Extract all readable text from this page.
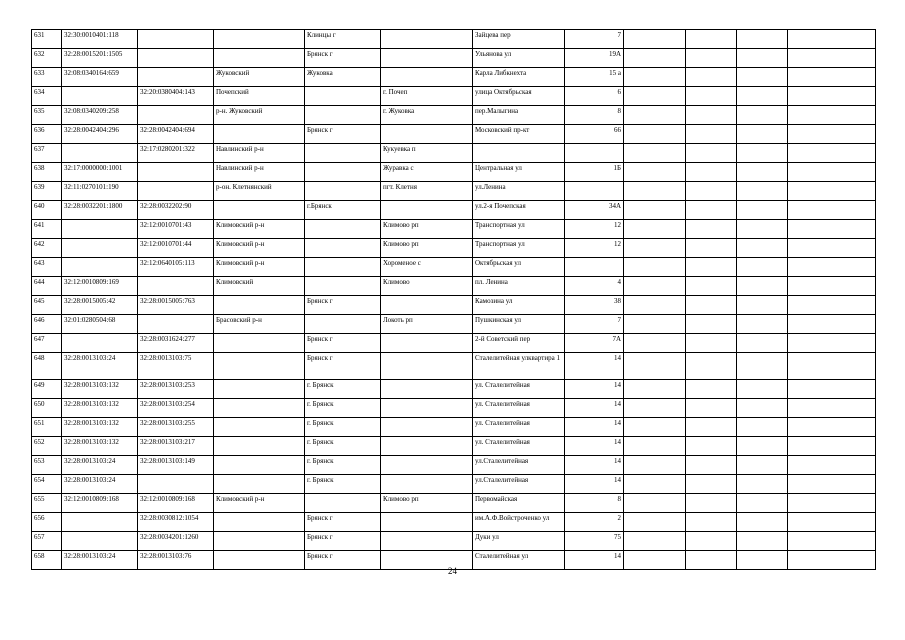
631	32:30:0010401:118			Клинцы г		Зайцева пер	7				
632	32:28:0015201:1505			Брянск г		Ульянова ул	19А				
633	32:08:0340164:659		Жуковский	Жуковка		Карла Либкнехта	15 а				
634		32:20:0380404:143	Почепский		г. Почеп	улица Октябрьская	6				
635	32:08:0340209:258		р-н. Жуковский		г. Жуковка	пер.Малыгина	8				
636	32:28:0042404:296	32:28:0042404:694		Брянск г		Московский пр-кт	66				
637		32:17:0280201:322	Навлинский р-н		Кукуевка п						
638	32:17:0000000:1001		Навлинский р-н		Журавка с	Центральная ул	1Б				
639	32:11:0270101:190		р-он. Клетнянский		пгт. Клетня	ул.Ленина					
640	32:28:0032201:1800	32:28:0032202:90		г.Брянск		ул.2-я Почепская	34А				
641		32:12:0010701:43	Климовский р-н		Климово рп	Транспортная ул	12				
642		32:12:0010701:44	Климовский р-н		Климово рп	Транспортная ул	12				
643		32:12:0640105:113	Климовский р-н		Хороменое с	Октябрьская ул					
644	32:12:0010809:169		Климовский		Климово	пл. Ленина	4				
645	32:28:0015005:42	32:28:0015005:763		Брянск г		Камозина ул	38				
646	32:01:0280504:68		Брасовский р-н		Локоть рп	Пушкинская ул	7				
647		32:28:0031624:277		Брянск г		2-й Советский пер	7А				
648	32:28:0013103:24	32:28:0013103:75		Брянск г		Сталелитейная улквартира 1	14				
649	32:28:0013103:132	32:28:0013103:253		г. Брянск		ул. Сталелитейная	14				
650	32:28:0013103:132	32:28:0013103:254		г. Брянск		ул. Сталелитейная	14				
651	32:28:0013103:132	32:28:0013103:255		г. Брянск		ул. Сталелитейная	14				
652	32:28:0013103:132	32:28:0013103:217		г. Брянск		ул. Сталелитейная	14				
653	32:28:0013103:24	32:28:0013103:149		г. Брянск		ул.Сталелитейная	14				
654	32:28:0013103:24			г. Брянск		ул.Сталелитейная	14				
655	32:12:0010809:168	32:12:0010809:168	Климовский р-н		Климово рп	Первомайская	8				
656		32:28:0030812:1054		Брянск г		им.А.Ф.Войстроченко ул	2				
657		32:28:0034201:1260		Брянск г		Дуки ул	75				
658	32:28:0013103:24	32:28:0013103:76		Брянск г		Сталелитейная ул	14				
24
